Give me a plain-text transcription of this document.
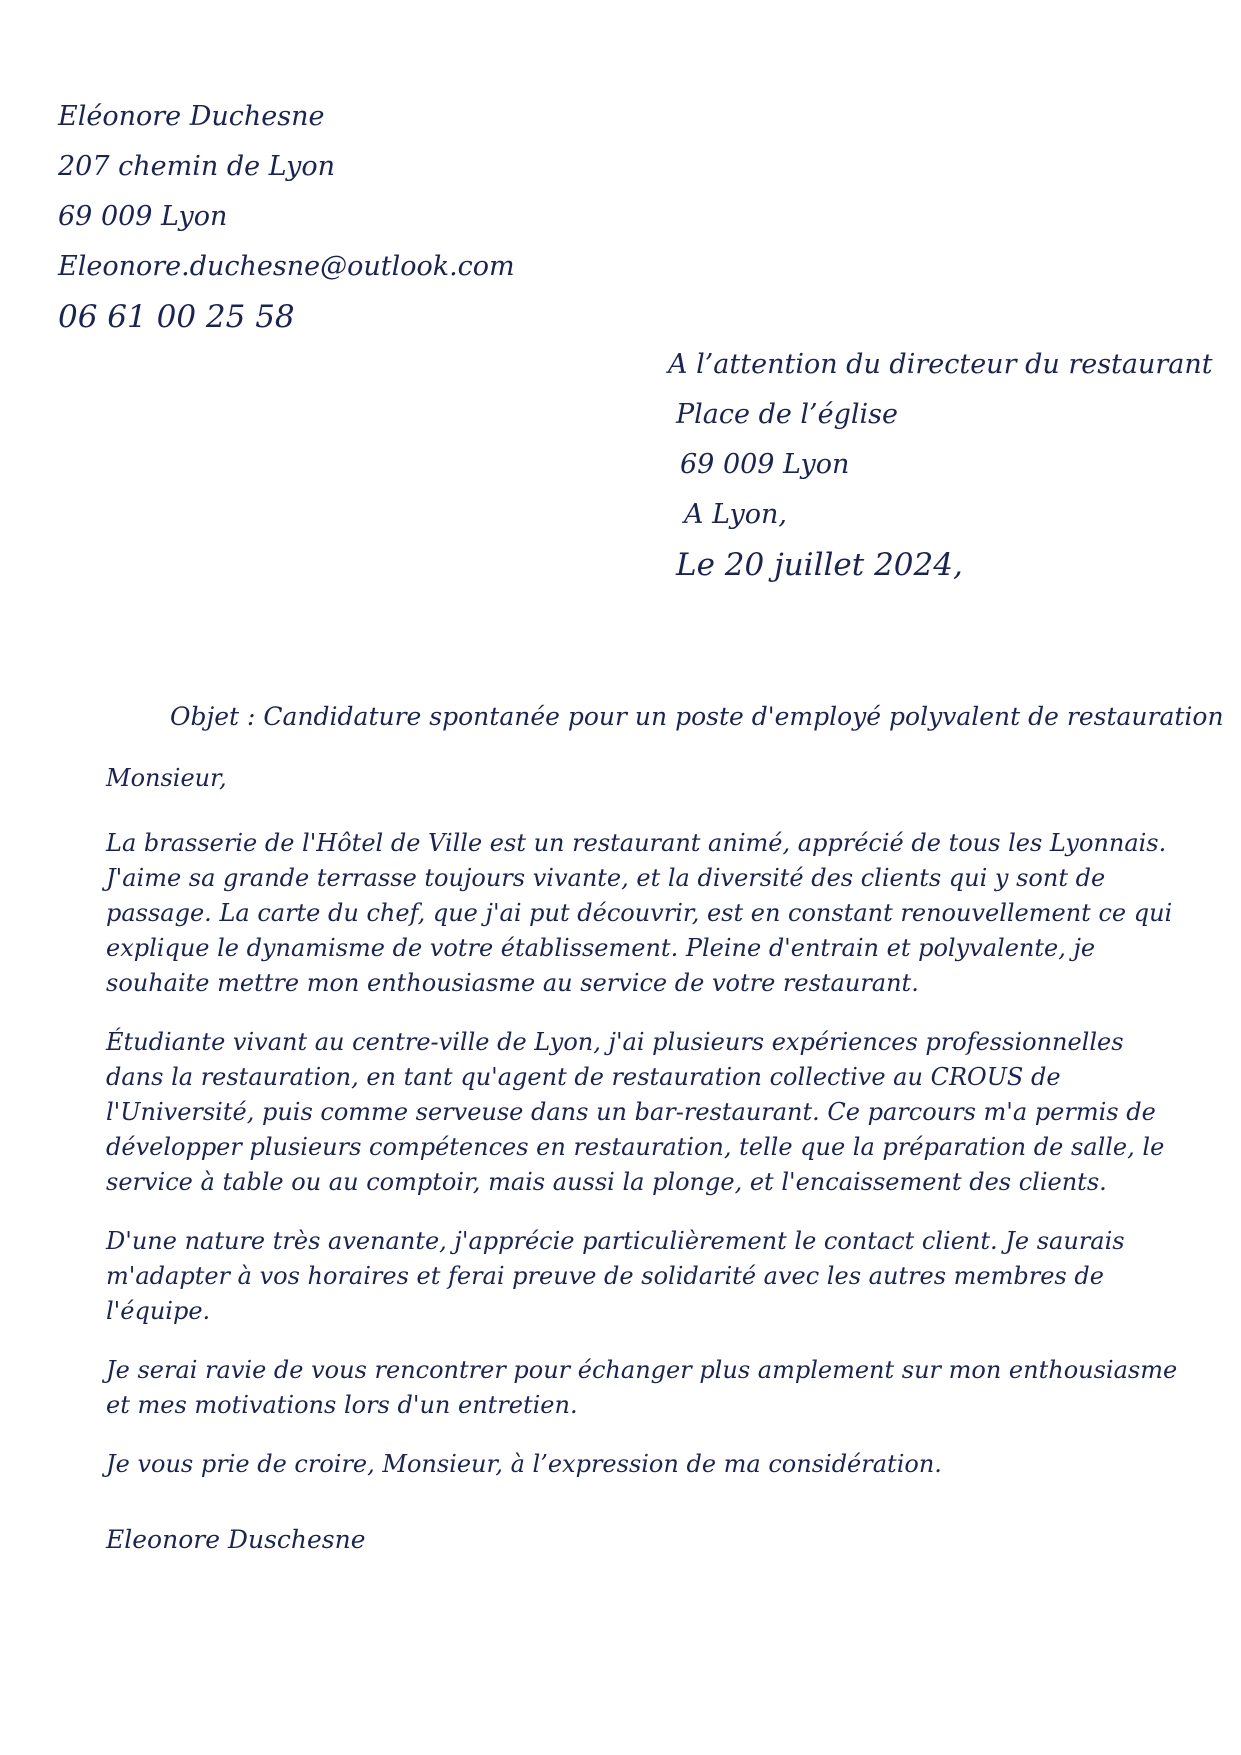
Eléonore Duchesne
207 chemin de Lyon
69 009 Lyon
Eleonore.duchesne@outlook.com
06 61 00 25 58
A l’attention du directeur du restaurant
Place de l’église
69 009 Lyon
A Lyon,
Le 20 juillet 2024,
Objet : Candidature spontanée pour un poste d'employé polyvalent de restauration

Monsieur,

La brasserie de l'Hôtel de Ville est un restaurant animé, apprécié de tous les Lyonnais. J'aime sa grande terrasse toujours vivante, et la diversité des clients qui y sont de passage. La carte du chef, que j'ai put découvrir, est en constant renouvellement ce qui explique le dynamisme de votre établissement. Pleine d'entrain et polyvalente, je souhaite mettre mon enthousiasme au service de votre restaurant.

Étudiante vivant au centre-ville de Lyon, j'ai plusieurs expériences professionnelles dans la restauration, en tant qu'agent de restauration collective au CROUS de l'Université, puis comme serveuse dans un bar-restaurant. Ce parcours m'a permis de développer plusieurs compétences en restauration, telle que la préparation de salle, le service à table ou au comptoir, mais aussi la plonge, et l'encaissement des clients.

D'une nature très avenante, j'apprécie particulièrement le contact client. Je saurais m'adapter à vos horaires et ferai preuve de solidarité avec les autres membres de l'équipe.

Je serai ravie de vous rencontrer pour échanger plus amplement sur mon enthousiasme et mes motivations lors d'un entretien.

Je vous prie de croire, Monsieur, à l’expression de ma considération.

Eleonore Duschesne
